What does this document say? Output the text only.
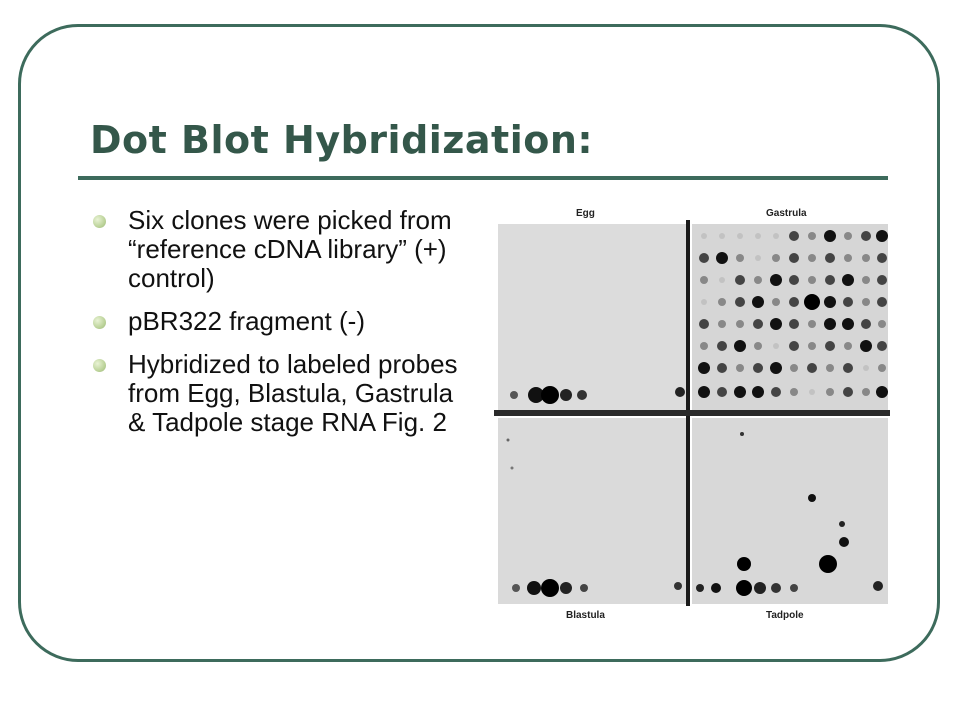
Dot Blot Hybridization:
Six clones were picked from “reference cDNA library” (+) control)
pBR322 fragment (-)
Hybridized to labeled probes from Egg, Blastula, Gastrula & Tadpole stage RNA Fig. 2
Egg	Gastrula
Blastula	Tadpole
